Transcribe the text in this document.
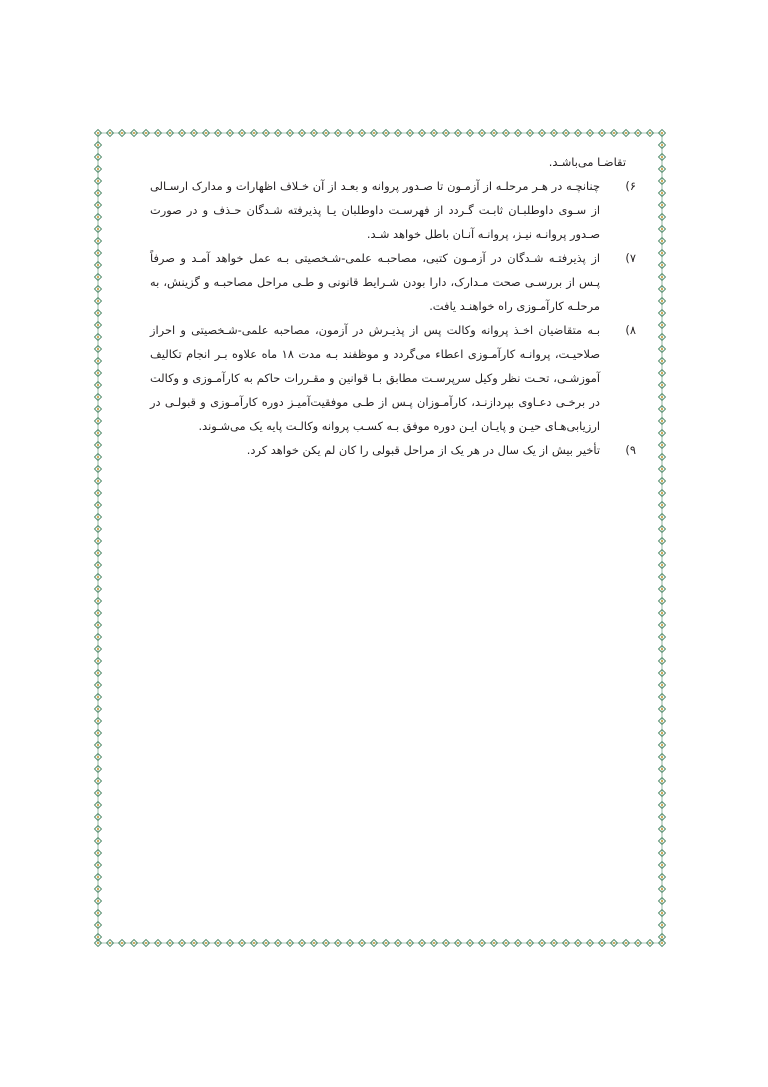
تقاضـا می‌باشـد.

۶)
چنانچـه در هـر مرحلـه از آزمـون تا صـدور پروانه و بعـد از آن خـلاف اظهارات و مدارک ارسـالی از سـوی داوطلبـان ثابـت گـردد از فهرسـت داوطلبان يـا پذيرفته شـدگان حـذف و در صورت صـدور پروانـه نيـز، پروانـه آنـان باطل خواهد شـد.
۷)
از پذيرفتـه شـدگان در آزمـون کتبی، مصاحبـه علمی-شـخصيتی بـه عمل خواهد آمـد و صرفاً پـس از بررسـی صحت مـدارک، دارا بودن شـرايط قانونی و طـی مراحل مصاحبـه و گزينش، به مرحلـه کارآمـوزی راه خواهنـد يافت.
۸)
بـه متقاضيان اخـذ پروانه وکالت پس از پذيـرش در آزمون، مصاحبه علمی-شـخصيتی و احراز صلاحيـت، پروانـه کارآمـوزی اعطاء می‌گردد و موظفند بـه مدت ۱۸ ماه علاوه بـر انجام تکاليف آموزشـی، تحـت نظر وکيل سرپرسـت مطابق بـا قوانين و مقـررات حاکم به کارآمـوزی و وکالت در برخـی دعـاوی بپردازنـد، کارآمـوزان پـس از طـی موفقيت‌آميـز دوره کارآمـوزی و قبولـی در ارزيابی‌هـای حيـن و پايـان ايـن دوره موفق بـه کسـب پروانه وکالـت پايه يک می‌شـوند.
۹)
تأخير بيش از يک سال در هر يک از مراحل قبولی را کان لم يکن خواهد کرد.
